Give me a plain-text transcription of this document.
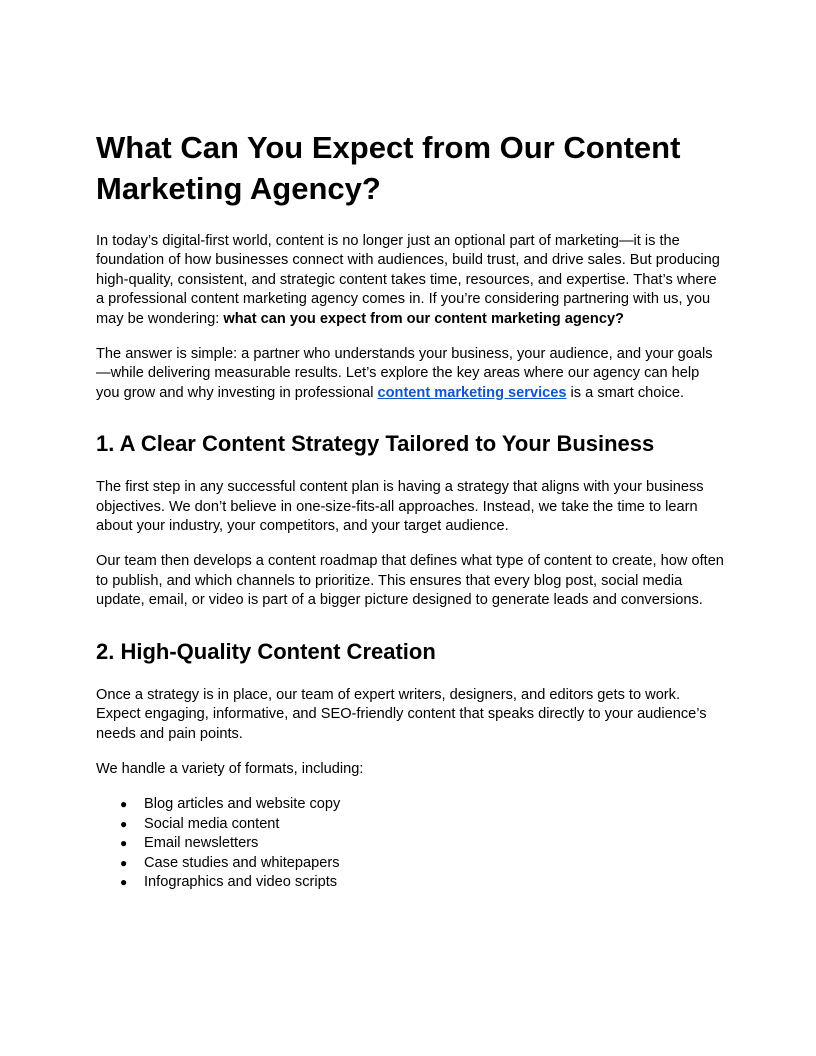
What Can You Expect from Our Content Marketing Agency?

In today’s digital-first world, content is no longer just an optional part of marketing—it is the foundation of how businesses connect with audiences, build trust, and drive sales. But producing high-quality, consistent, and strategic content takes time, resources, and expertise. That’s where a professional content marketing agency comes in. If you’re considering partnering with us, you may be wondering: what can you expect from our content marketing agency?

The answer is simple: a partner who understands your business, your audience, and your goals—while delivering measurable results. Let’s explore the key areas where our agency can help you grow and why investing in professional content marketing services is a smart choice.

1. A Clear Content Strategy Tailored to Your Business

The first step in any successful content plan is having a strategy that aligns with your business objectives. We don’t believe in one-size-fits-all approaches. Instead, we take the time to learn about your industry, your competitors, and your target audience.

Our team then develops a content roadmap that defines what type of content to create, how often to publish, and which channels to prioritize. This ensures that every blog post, social media update, email, or video is part of a bigger picture designed to generate leads and conversions.

2. High-Quality Content Creation

Once a strategy is in place, our team of expert writers, designers, and editors gets to work. Expect engaging, informative, and SEO-friendly content that speaks directly to your audience’s needs and pain points.

We handle a variety of formats, including:

● Blog articles and website copy
● Social media content
● Email newsletters
● Case studies and whitepapers
● Infographics and video scripts
